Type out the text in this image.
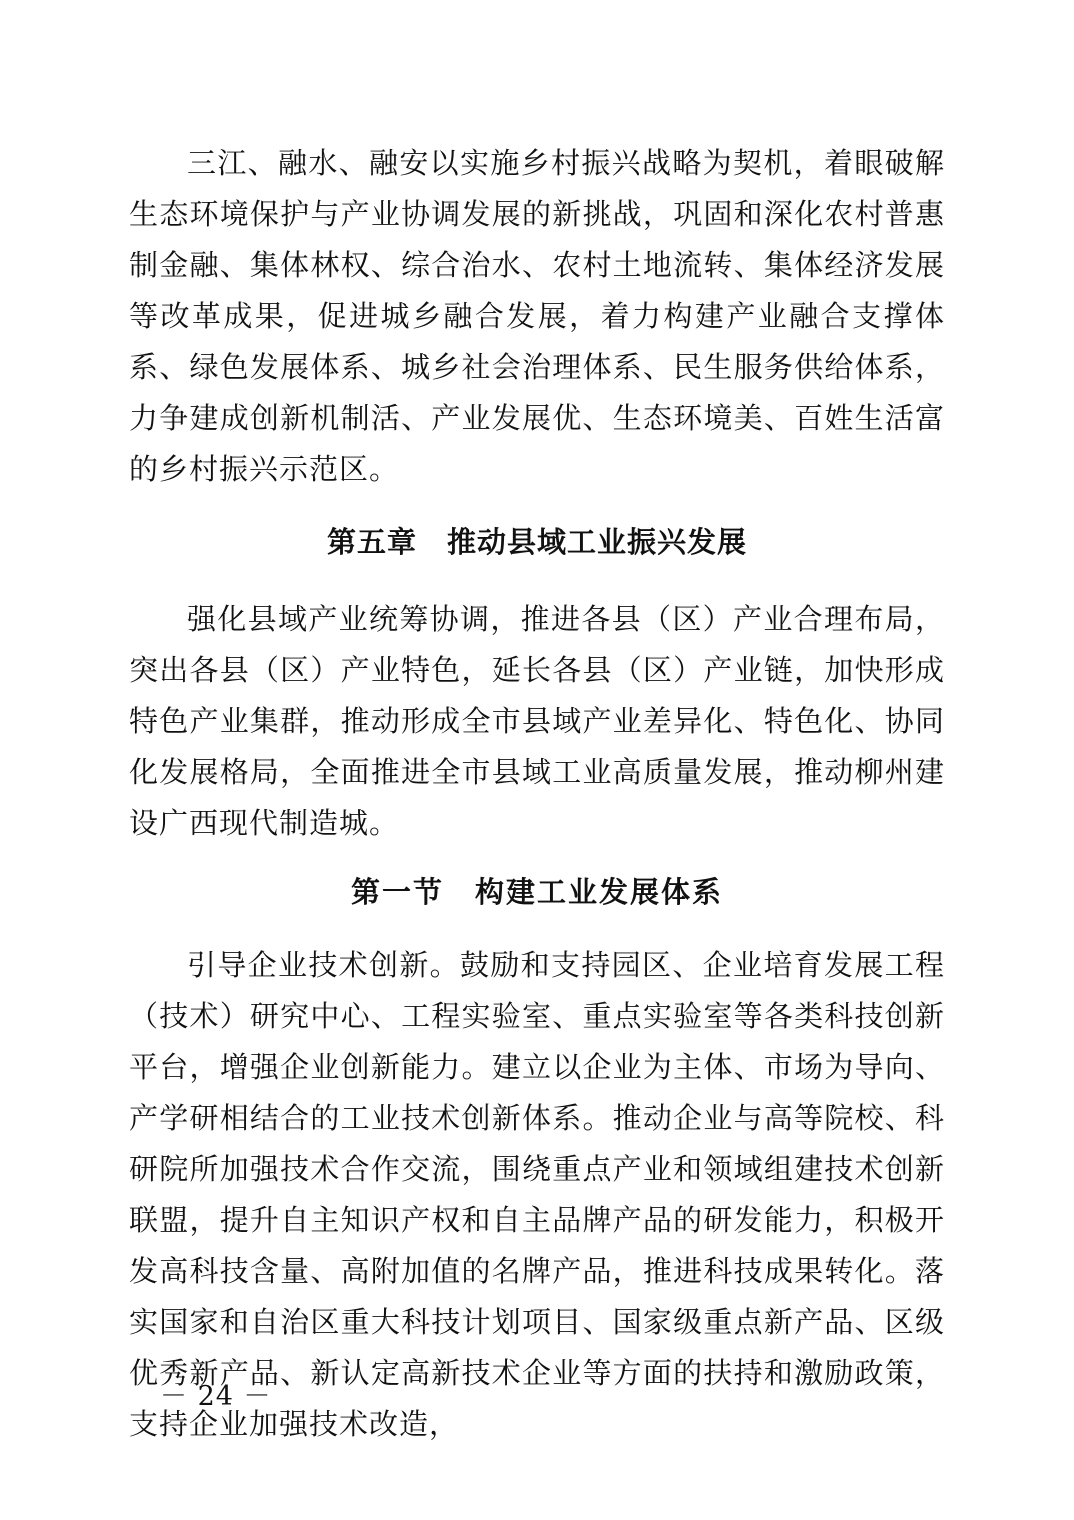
三江、融水、融安以实施乡村振兴战略为契机，着眼破解生态环境保护与产业协调发展的新挑战，巩固和深化农村普惠制金融、集体林权、综合治水、农村土地流转、集体经济发展等改革成果，促进城乡融合发展，着力构建产业融合支撑体系、绿色发展体系、城乡社会治理体系、民生服务供给体系，力争建成创新机制活、产业发展优、生态环境美、百姓生活富的乡村振兴示范区。

第五章　推动县域工业振兴发展

强化县域产业统筹协调，推进各县（区）产业合理布局，突出各县（区）产业特色，延长各县（区）产业链，加快形成特色产业集群，推动形成全市县域产业差异化、特色化、协同化发展格局，全面推进全市县域工业高质量发展，推动柳州建设广西现代制造城。

第一节　构建工业发展体系

引导企业技术创新。鼓励和支持园区、企业培育发展工程（技术）研究中心、工程实验室、重点实验室等各类科技创新平台，增强企业创新能力。建立以企业为主体、市场为导向、产学研相结合的工业技术创新体系。推动企业与高等院校、科研院所加强技术合作交流，围绕重点产业和领域组建技术创新联盟，提升自主知识产权和自主品牌产品的研发能力，积极开发高科技含量、高附加值的名牌产品，推进科技成果转化。落实国家和自治区重大科技计划项目、国家级重点新产品、区级优秀新产品、新认定高新技术企业等方面的扶持和激励政策，支持企业加强技术改造，

－ 24 －
